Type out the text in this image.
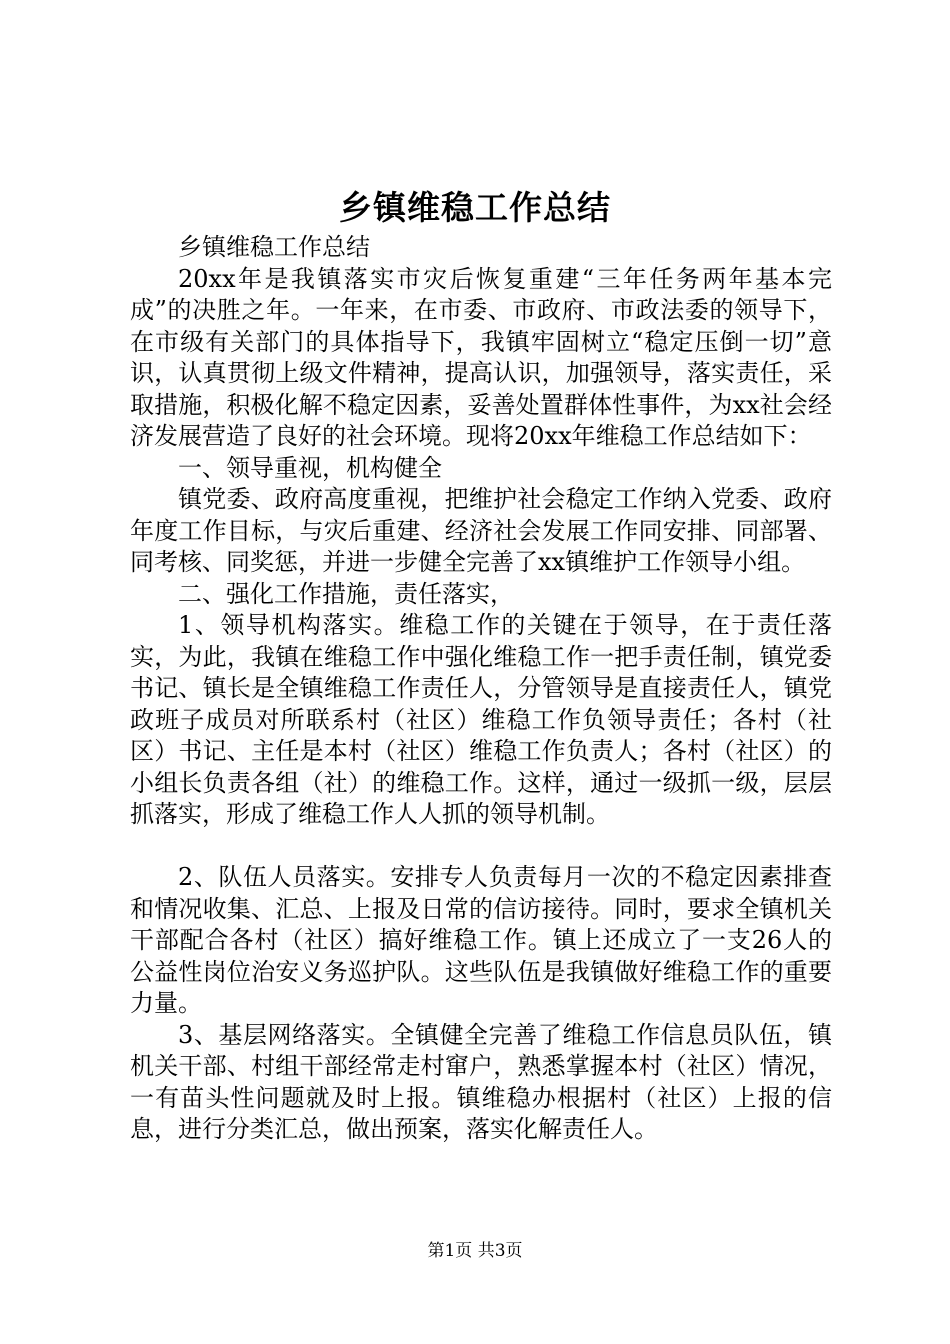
乡镇维稳工作总结

乡镇维稳工作总结

20xx年是我镇落实市灾后恢复重建“三年任务两年基本完成”的决胜之年。一年来，在市委、市政府、市政法委的领导下，在市级有关部门的具体指导下，我镇牢固树立“稳定压倒一切”意识，认真贯彻上级文件精神，提高认识，加强领导，落实责任，采取措施，积极化解不稳定因素，妥善处置群体性事件，为xx社会经济发展营造了良好的社会环境。现将20xx年维稳工作总结如下：

一、领导重视，机构健全

镇党委、政府高度重视，把维护社会稳定工作纳入党委、政府年度工作目标，与灾后重建、经济社会发展工作同安排、同部署、同考核、同奖惩，并进一步健全完善了xx镇维护工作领导小组。

二、强化工作措施，责任落实，

1、领导机构落实。维稳工作的关键在于领导，在于责任落实，为此，我镇在维稳工作中强化维稳工作一把手责任制，镇党委书记、镇长是全镇维稳工作责任人，分管领导是直接责任人，镇党政班子成员对所联系村（社区）维稳工作负领导责任；各村（社区）书记、主任是本村（社区）维稳工作负责人；各村（社区）的小组长负责各组（社）的维稳工作。这样，通过一级抓一级，层层抓落实，形成了维稳工作人人抓的领导机制。

2、队伍人员落实。安排专人负责每月一次的不稳定因素排查和情况收集、汇总、上报及日常的信访接待。同时，要求全镇机关干部配合各村（社区）搞好维稳工作。镇上还成立了一支26人的公益性岗位治安义务巡护队。这些队伍是我镇做好维稳工作的重要力量。

3、基层网络落实。全镇健全完善了维稳工作信息员队伍，镇机关干部、村组干部经常走村窜户，熟悉掌握本村（社区）情况，一有苗头性问题就及时上报。镇维稳办根据村（社区）上报的信息，进行分类汇总，做出预案，落实化解责任人。

第1页 共3页
